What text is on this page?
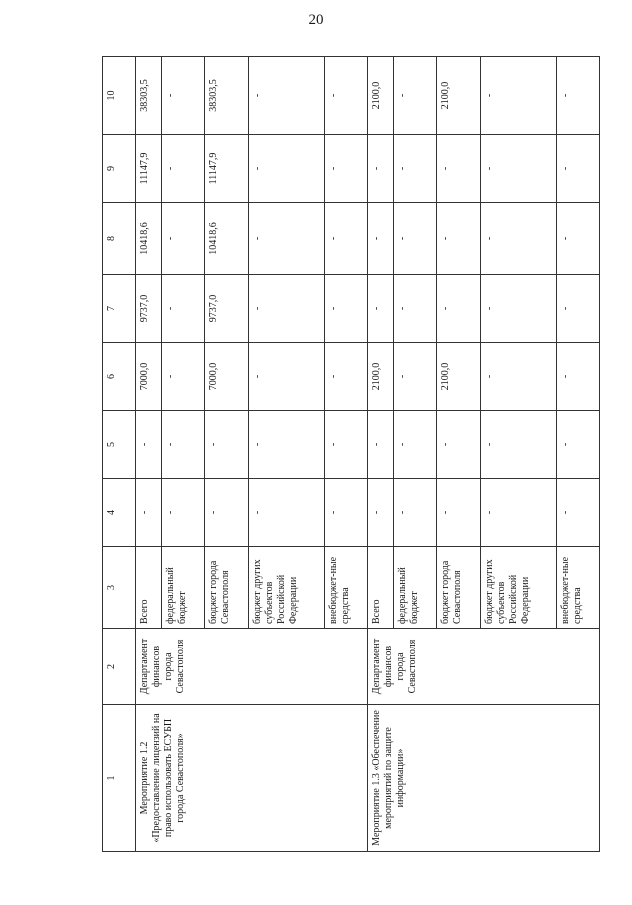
20
1	2	3	4	5	6	7	8	9	10
Мероприятие 1.2 «Предоставление лицензий на право использовать ЕСУБП города Севастополя»	Департамент финансов города Севастополя	Всего	-	-	7000,0	9737,0	10418,6	11147,9	38303,5
		федеральный бюджет	-	-	-	-	-	-	-
		бюджет города Севастополя	-	-	7000,0	9737,0	10418,6	11147,9	38303,5
		бюджет других субъектов Российской Федерации	-	-	-	-	-	-	-
		внебюджет-ные средства	-	-	-	-	-	-	-
Мероприятие 1.3 «Обеспечение мероприятий по защите информации»	Департамент финансов города Севастополя	Всего	-	-	2100,0	-	-	-	2100,0
		федеральный бюджет	-	-	-	-	-	-	-
		бюджет города Севастополя	-	-	2100,0	-	-	-	2100,0
		бюджет других субъектов Российской Федерации	-	-	-	-	-	-	-
		внебюджет-ные средства	-	-	-	-	-	-	-
